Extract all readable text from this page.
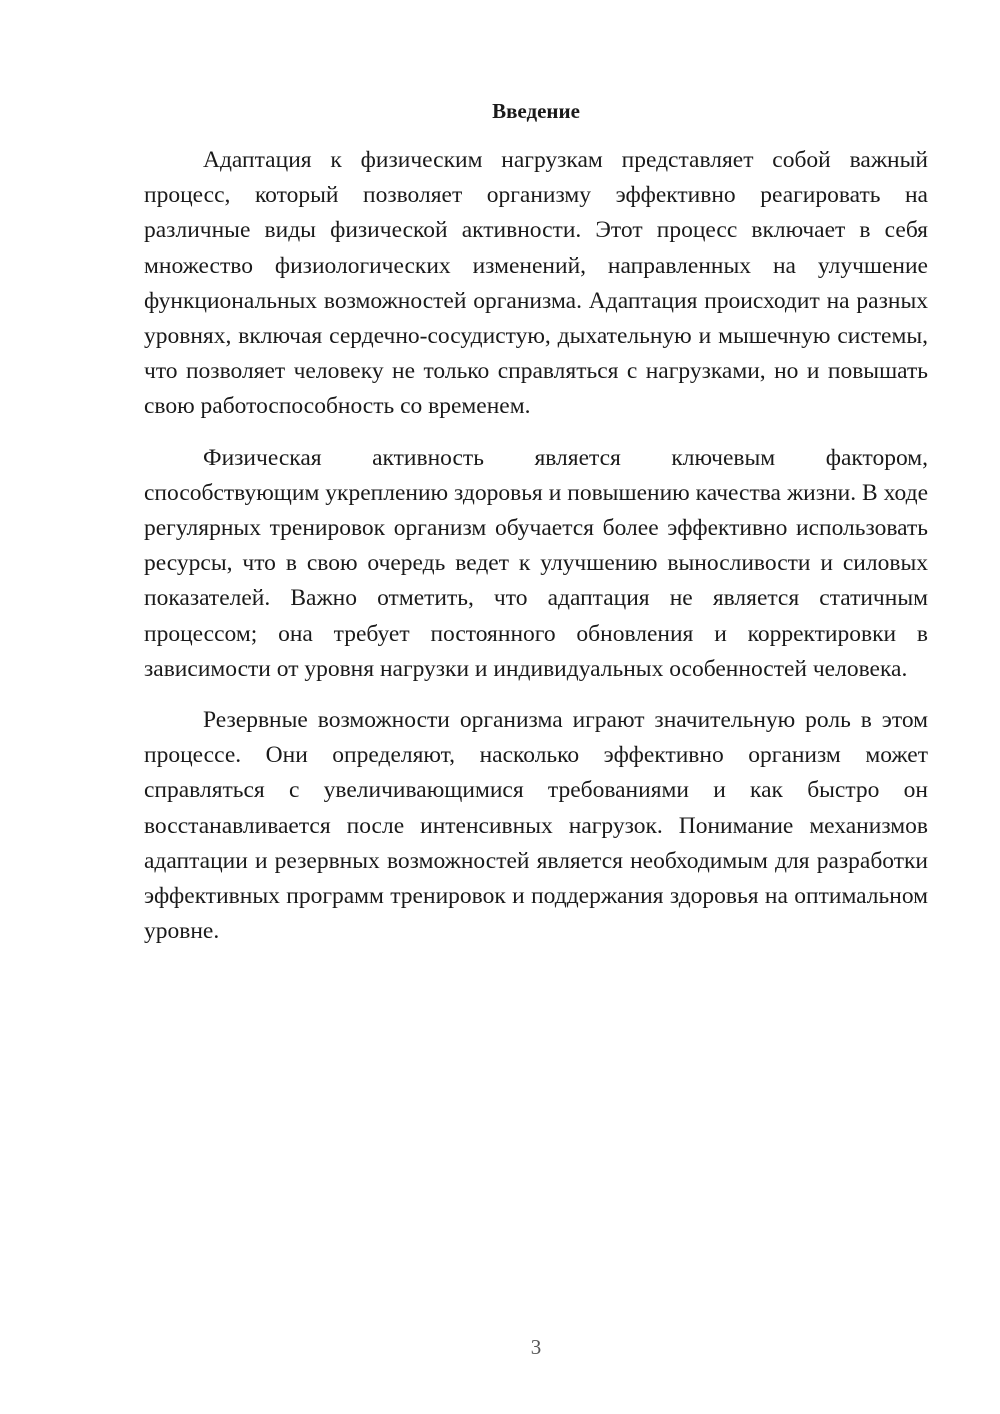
Введение

Адаптация к физическим нагрузкам представляет собой важный процесс, который позволяет организму эффективно реагировать на различные виды физической активности. Этот процесс включает в себя множество физиологических изменений, направленных на улучшение функциональных возможностей организма. Адаптация происходит на разных уровнях, включая сердечно-сосудистую, дыхательную и мышечную системы, что позволяет человеку не только справляться с нагрузками, но и повышать свою работоспособность со временем.

Физическая активность является ключевым фактором, способствующим укреплению здоровья и повышению качества жизни. В ходе регулярных тренировок организм обучается более эффективно использовать ресурсы, что в свою очередь ведет к улучшению выносливости и силовых показателей. Важно отметить, что адаптация не является статичным процессом; она требует постоянного обновления и корректировки в зависимости от уровня нагрузки и индивидуальных особенностей человека.

Резервные возможности организма играют значительную роль в этом процессе. Они определяют, насколько эффективно организм может справляться с увеличивающимися требованиями и как быстро он восстанавливается после интенсивных нагрузок. Понимание механизмов адаптации и резервных возможностей является необходимым для разработки эффективных программ тренировок и поддержания здоровья на оптимальном уровне.

3
